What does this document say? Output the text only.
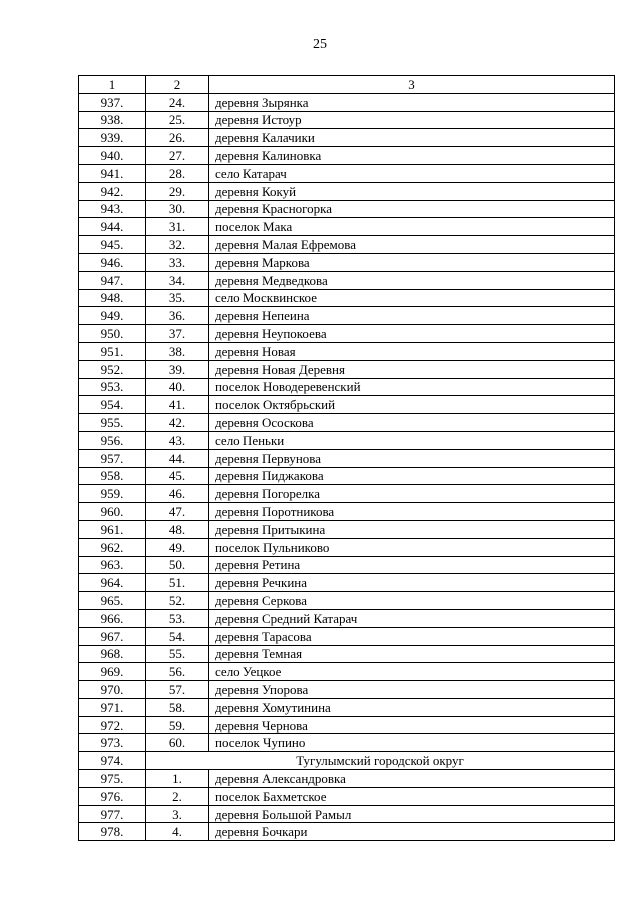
25
1	2	3
937.	24.	деревня Зырянка
938.	25.	деревня Истоур
939.	26.	деревня Калачики
940.	27.	деревня Калиновка
941.	28.	село Катарач
942.	29.	деревня Кокуй
943.	30.	деревня Красногорка
944.	31.	поселок Мака
945.	32.	деревня Малая Ефремова
946.	33.	деревня Маркова
947.	34.	деревня Медведкова
948.	35.	село Москвинское
949.	36.	деревня Непеина
950.	37.	деревня Неупокоева
951.	38.	деревня Новая
952.	39.	деревня Новая Деревня
953.	40.	поселок Новодеревенский
954.	41.	поселок Октябрьский
955.	42.	деревня Ососкова
956.	43.	село Пеньки
957.	44.	деревня Первунова
958.	45.	деревня Пиджакова
959.	46.	деревня Погорелка
960.	47.	деревня Поротникова
961.	48.	деревня Притыкина
962.	49.	поселок Пульниково
963.	50.	деревня Ретина
964.	51.	деревня Речкина
965.	52.	деревня Серкова
966.	53.	деревня Средний Катарач
967.	54.	деревня Тарасова
968.	55.	деревня Темная
969.	56.	село Уецкое
970.	57.	деревня Упорова
971.	58.	деревня Хомутинина
972.	59.	деревня Чернова
973.	60.	поселок Чупино
974.	Тугулымский городской округ	
975.	1.	деревня Александровка
976.	2.	поселок Бахметское
977.	3.	деревня Большой Рамыл
978.	4.	деревня Бочкари
